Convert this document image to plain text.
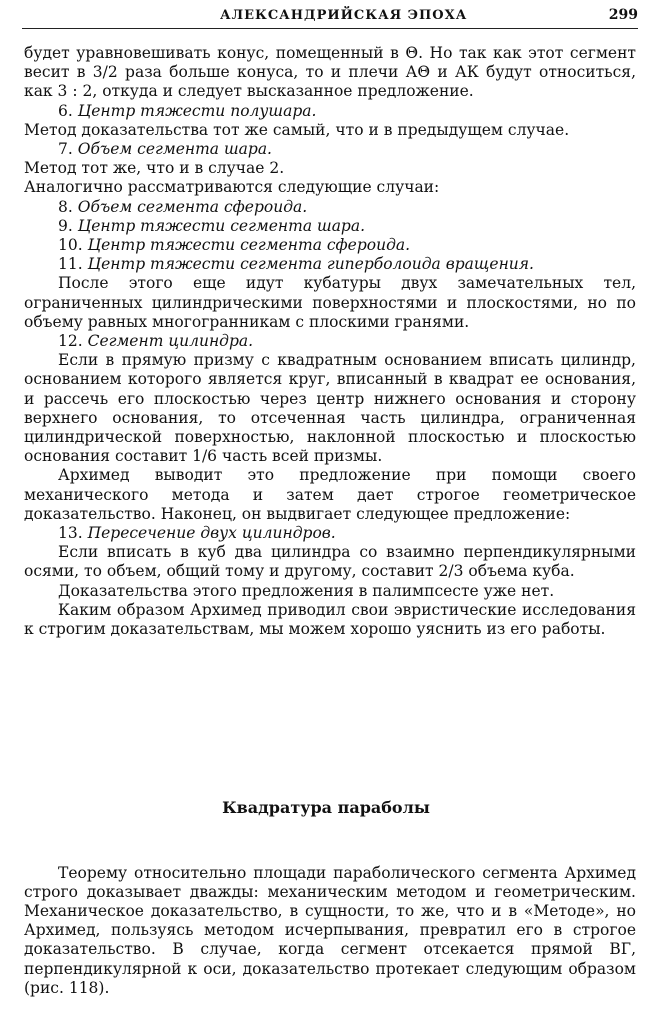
АЛЕКСАНДРИЙСКАЯ ЭПОХА	299

будет уравновешивать конус, помещенный в Θ. Но так как этот сегмент весит в 3/2 раза больше конуса, то и плечи АΘ и АК будут относиться, как 3 : 2, откуда и следует высказанное предложение.

6. Центр тяжести полушара.

Метод доказательства тот же самый, что и в предыдущем случае.

7. Объем сегмента шара.

Метод тот же, что и в случае 2.

Аналогично рассматриваются следующие случаи:

8. Объем сегмента сфероида.

9. Центр тяжести сегмента шара.

10. Центр тяжести сегмента сфероида.

11. Центр тяжести сегмента гиперболоида вращения.

После этого еще идут кубатуры двух замечательных тел, ограниченных цилиндрическими поверхностями и плоскостями, но по объему равных многогранникам с плоскими гранями.

12. Сегмент цилиндра.

Если в прямую призму с квадратным основанием вписать цилиндр, основанием которого является круг, вписанный в квадрат ее основания, и рассечь его плоскостью через центр нижнего основания и сторону верхнего основания, то отсеченная часть цилиндра, ограниченная цилиндрической поверхностью, наклонной плоскостью и плоскостью основания составит 1/6 часть всей призмы.

Архимед выводит это предложение при помощи своего механического метода и затем дает строгое геометрическое доказательство. Наконец, он выдвигает следующее предложение:

13. Пересечение двух цилиндров.

Если вписать в куб два цилиндра со взаимно перпендикулярными осями, то объем, общий тому и другому, составит 2/3 объема куба.

Доказательства этого предложения в палимпсесте уже нет.

Каким образом Архимед приводил свои эвристические исследования к строгим доказательствам, мы можем хорошо уяснить из его работы.

Квадратура параболы

Теорему относительно площади параболического сегмента Архимед строго доказывает дважды: механическим методом и геометрическим. Механическое доказательство, в сущности, то же, что и в «Методе», но Архимед, пользуясь методом исчерпывания, превратил его в строгое доказательство. В случае, когда сегмент отсекается прямой ВГ, перпендикулярной к оси, доказательство протекает следующим образом (рис. 118).
